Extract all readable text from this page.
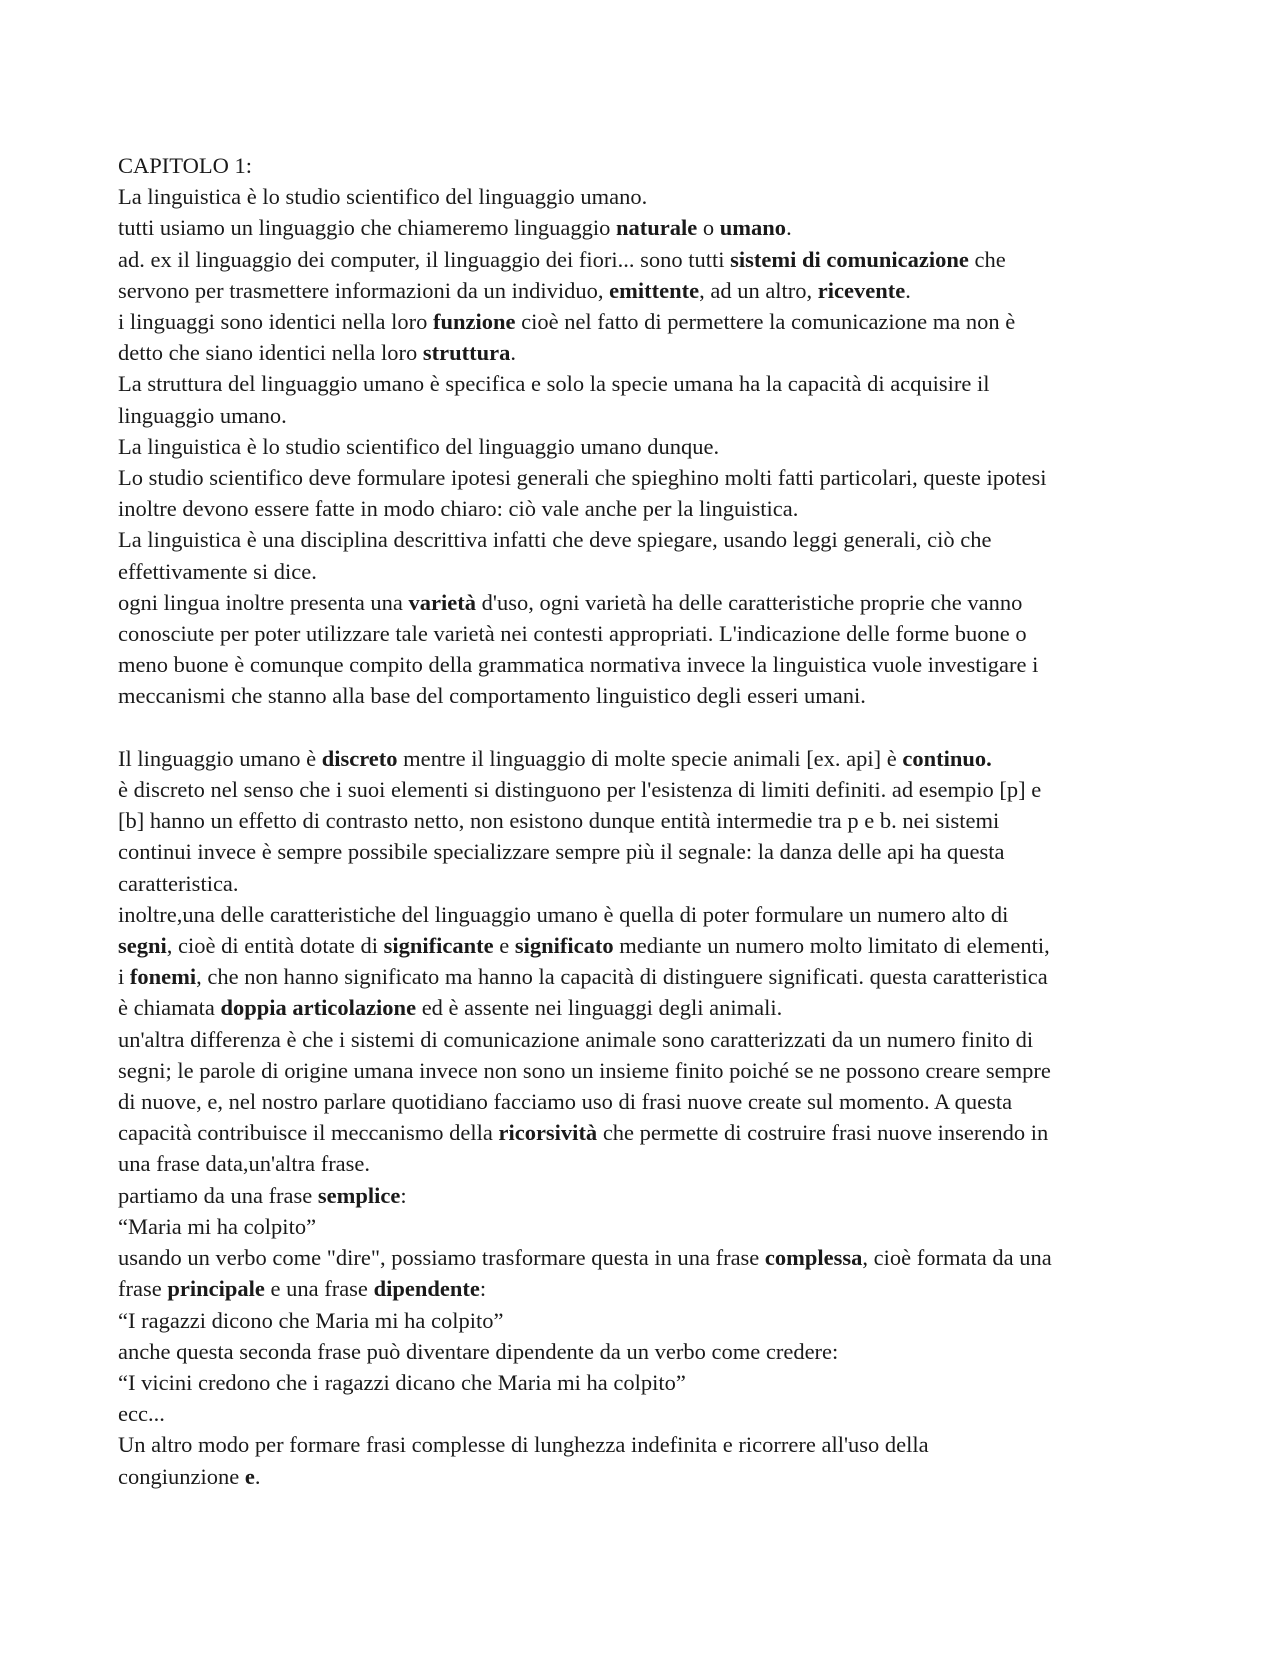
CAPITOLO 1:
La linguistica è lo studio scientifico del linguaggio umano.
tutti usiamo un linguaggio che chiameremo linguaggio naturale o umano.
ad. ex il linguaggio dei computer, il linguaggio dei fiori... sono tutti sistemi di comunicazione che
servono per trasmettere informazioni da un individuo, emittente, ad un altro, ricevente.
i linguaggi sono identici nella loro funzione cioè nel fatto di permettere la comunicazione ma non è
detto che siano identici nella loro struttura.
La struttura del linguaggio umano è specifica e solo la specie umana ha la capacità di acquisire il
linguaggio umano.
La linguistica è lo studio scientifico del linguaggio umano dunque.
Lo studio scientifico deve formulare ipotesi generali che spieghino molti fatti particolari, queste ipotesi
inoltre devono essere fatte in modo chiaro: ciò vale anche per la linguistica.
La linguistica è una disciplina descrittiva infatti che deve spiegare, usando leggi generali, ciò che
effettivamente si dice.
ogni lingua inoltre presenta una varietà d'uso, ogni varietà ha delle caratteristiche proprie che vanno
conosciute per poter utilizzare tale varietà nei contesti appropriati. L'indicazione delle forme buone o
meno buone è comunque compito della grammatica normativa invece la linguistica vuole investigare i
meccanismi che stanno alla base del comportamento linguistico degli esseri umani.
Il linguaggio umano è discreto mentre il linguaggio di molte specie animali [ex. api] è continuo.
è discreto nel senso che i suoi elementi si distinguono per l'esistenza di limiti definiti. ad esempio [p] e
[b] hanno un effetto di contrasto netto, non esistono dunque entità intermedie tra p e b. nei sistemi
continui invece è sempre possibile specializzare sempre più il segnale: la danza delle api ha questa
caratteristica.
inoltre,una delle caratteristiche del linguaggio umano è quella di poter formulare un numero alto di
segni, cioè di entità dotate di significante e significato mediante un numero molto limitato di elementi,
i fonemi, che non hanno significato ma hanno la capacità di distinguere significati. questa caratteristica
è chiamata doppia articolazione ed è assente nei linguaggi degli animali.
un'altra differenza è che i sistemi di comunicazione animale sono caratterizzati da un numero finito di
segni; le parole di origine umana invece non sono un insieme finito poiché se ne possono creare sempre
di nuove, e, nel nostro parlare quotidiano facciamo uso di frasi nuove create sul momento. A questa
capacità contribuisce il meccanismo della ricorsività che permette di costruire frasi nuove inserendo in
una frase data,un'altra frase.
partiamo da una frase semplice:
“Maria mi ha colpito”
usando un verbo come "dire", possiamo trasformare questa in una frase complessa, cioè formata da una
frase principale e una frase dipendente:
“I ragazzi dicono che Maria mi ha colpito”
anche questa seconda frase può diventare dipendente da un verbo come credere:
“I vicini credono che i ragazzi dicano che Maria mi ha colpito”
ecc...
Un altro modo per formare frasi complesse di lunghezza indefinita e ricorrere all'uso della
congiunzione e.
